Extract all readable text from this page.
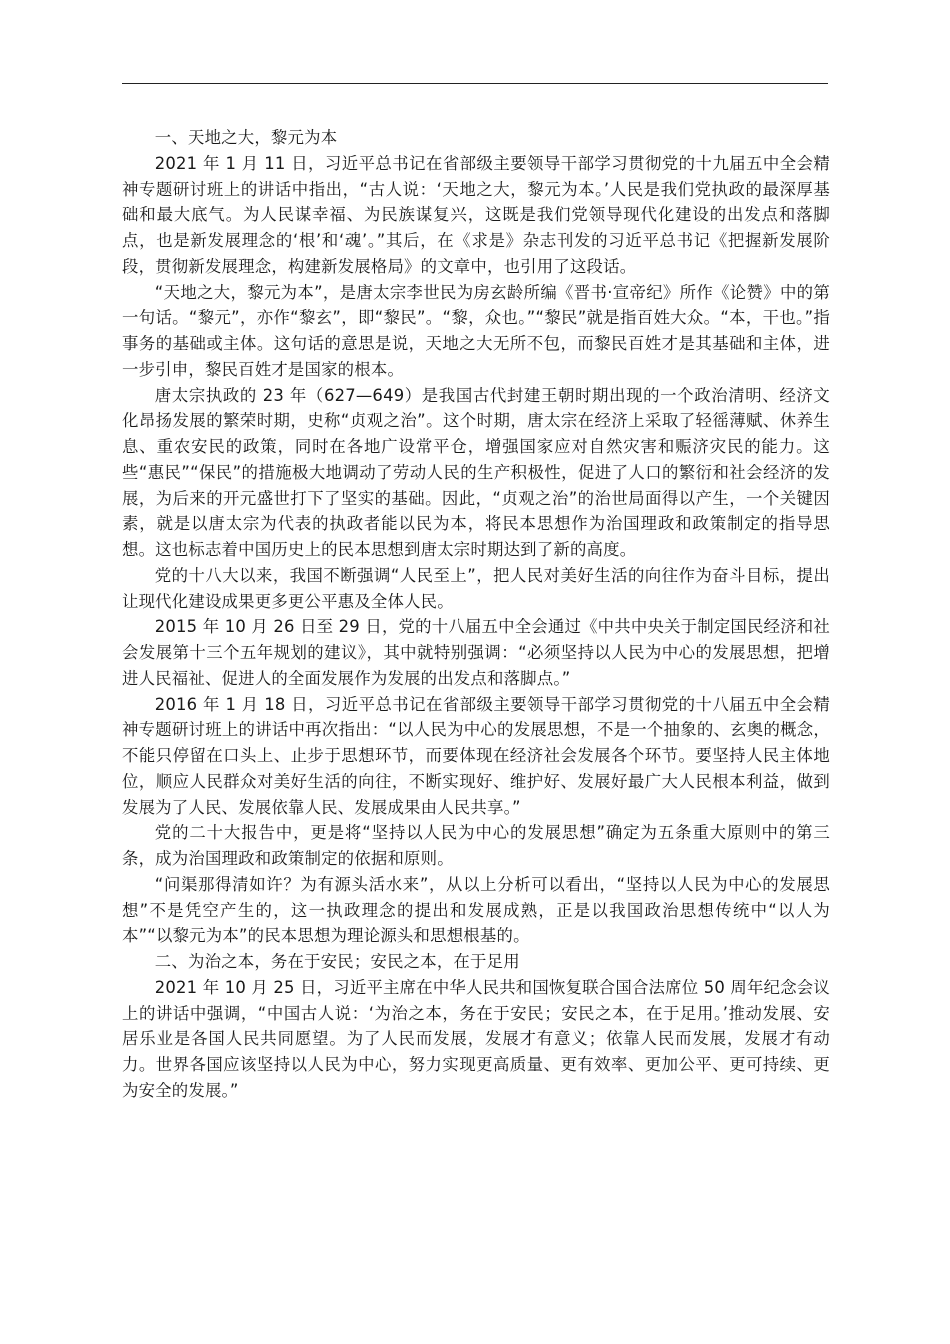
一、天地之大，黎元为本

2021 年 1 月 11 日，习近平总书记在省部级主要领导干部学习贯彻党的十九届五中全会精神专题研讨班上的讲话中指出，“古人说：‘天地之大，黎元为本。’人民是我们党执政的最深厚基础和最大底气。为人民谋幸福、为民族谋复兴，这既是我们党领导现代化建设的出发点和落脚点，也是新发展理念的‘根’和‘魂’。”其后，在《求是》杂志刊发的习近平总书记《把握新发展阶段，贯彻新发展理念，构建新发展格局》的文章中，也引用了这段话。

“天地之大，黎元为本”，是唐太宗李世民为房玄龄所编《晋书·宣帝纪》所作《论赞》中的第一句话。“黎元”，亦作“黎玄”，即“黎民”。“黎，众也。”“黎民”就是指百姓大众。“本，干也。”指事务的基础或主体。这句话的意思是说，天地之大无所不包，而黎民百姓才是其基础和主体，进一步引申，黎民百姓才是国家的根本。

唐太宗执政的 23 年（627—649）是我国古代封建王朝时期出现的一个政治清明、经济文化昂扬发展的繁荣时期，史称“贞观之治”。这个时期，唐太宗在经济上采取了轻徭薄赋、休养生息、重农安民的政策，同时在各地广设常平仓，增强国家应对自然灾害和赈济灾民的能力。这些“惠民”“保民”的措施极大地调动了劳动人民的生产积极性，促进了人口的繁衍和社会经济的发展，为后来的开元盛世打下了坚实的基础。因此，“贞观之治”的治世局面得以产生，一个关键因素，就是以唐太宗为代表的执政者能以民为本，将民本思想作为治国理政和政策制定的指导思想。这也标志着中国历史上的民本思想到唐太宗时期达到了新的高度。

党的十八大以来，我国不断强调“人民至上”，把人民对美好生活的向往作为奋斗目标，提出让现代化建设成果更多更公平惠及全体人民。

2015 年 10 月 26 日至 29 日，党的十八届五中全会通过《中共中央关于制定国民经济和社会发展第十三个五年规划的建议》，其中就特别强调：“必须坚持以人民为中心的发展思想，把增进人民福祉、促进人的全面发展作为发展的出发点和落脚点。”

2016 年 1 月 18 日，习近平总书记在省部级主要领导干部学习贯彻党的十八届五中全会精神专题研讨班上的讲话中再次指出：“以人民为中心的发展思想，不是一个抽象的、玄奥的概念，不能只停留在口头上、止步于思想环节，而要体现在经济社会发展各个环节。要坚持人民主体地位，顺应人民群众对美好生活的向往，不断实现好、维护好、发展好最广大人民根本利益，做到发展为了人民、发展依靠人民、发展成果由人民共享。”

党的二十大报告中，更是将“坚持以人民为中心的发展思想”确定为五条重大原则中的第三条，成为治国理政和政策制定的依据和原则。

“问渠那得清如许？为有源头活水来”，从以上分析可以看出，“坚持以人民为中心的发展思想”不是凭空产生的，这一执政理念的提出和发展成熟，正是以我国政治思想传统中“以人为本”“以黎元为本”的民本思想为理论源头和思想根基的。

二、为治之本，务在于安民；安民之本，在于足用

2021 年 10 月 25 日，习近平主席在中华人民共和国恢复联合国合法席位 50 周年纪念会议上的讲话中强调，“中国古人说：‘为治之本，务在于安民；安民之本，在于足用。’推动发展、安居乐业是各国人民共同愿望。为了人民而发展，发展才有意义；依靠人民而发展，发展才有动力。世界各国应该坚持以人民为中心，努力实现更高质量、更有效率、更加公平、更可持续、更为安全的发展。”
